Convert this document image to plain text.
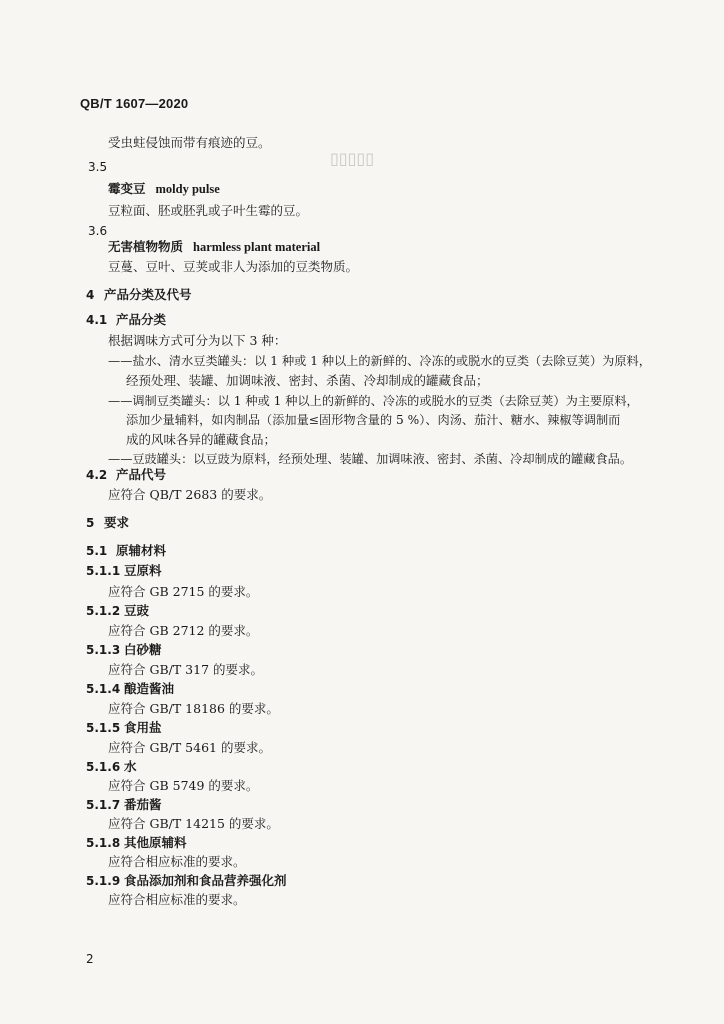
▯▯▯▯▯
QB/T 1607—2020
受虫蛀侵蚀而带有痕迹的豆。
3.5
霉变豆 moldy pulse
豆粒面、胚或胚乳或子叶生霉的豆。
3.6
无害植物物质 harmless plant material
豆蔓、豆叶、豆荚或非人为添加的豆类物质。
4 产品分类及代号
4.1 产品分类
根据调味方式可分为以下 3 种：
——盐水、清水豆类罐头：以 1 种或 1 种以上的新鲜的、冷冻的或脱水的豆类（去除豆荚）为原料，
经预处理、装罐、加调味液、密封、杀菌、冷却制成的罐藏食品；
——调制豆类罐头：以 1 种或 1 种以上的新鲜的、冷冻的或脱水的豆类（去除豆荚）为主要原料，
添加少量辅料，如肉制品（添加量≤固形物含量的 5 %）、肉汤、茄汁、糖水、辣椒等调制而
成的风味各异的罐藏食品；
——豆豉罐头：以豆豉为原料，经预处理、装罐、加调味液、密封、杀菌、冷却制成的罐藏食品。
4.2 产品代号
应符合 QB/T 2683 的要求。
5 要求
5.1 原辅材料
5.1.1 豆原料
应符合 GB 2715 的要求。
5.1.2 豆豉
应符合 GB 2712 的要求。
5.1.3 白砂糖
应符合 GB/T 317 的要求。
5.1.4 酿造酱油
应符合 GB/T 18186 的要求。
5.1.5 食用盐
应符合 GB/T 5461 的要求。
5.1.6 水
应符合 GB 5749 的要求。
5.1.7 番茄酱
应符合 GB/T 14215 的要求。
5.1.8 其他原辅料
应符合相应标准的要求。
5.1.9 食品添加剂和食品营养强化剂
应符合相应标准的要求。
2
